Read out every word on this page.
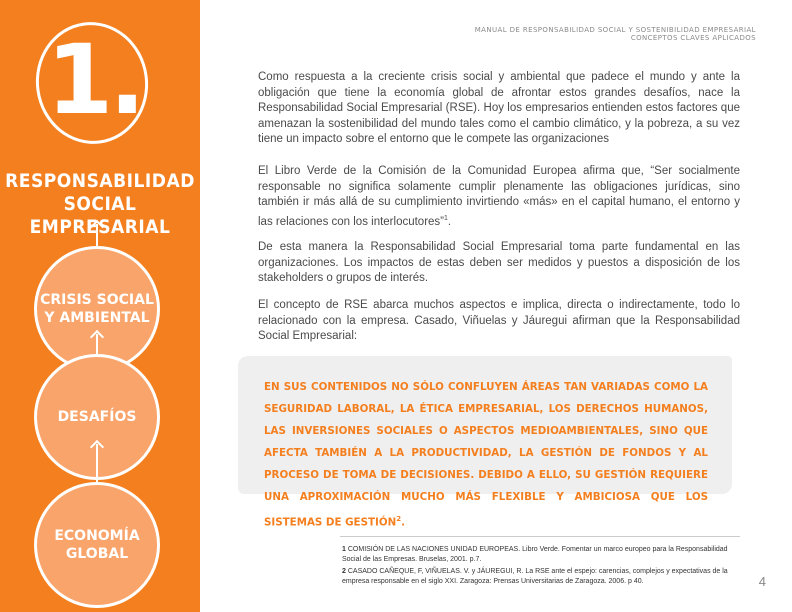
1.
RESPONSABILIDAD
SOCIAL EMPRESARIAL
CRISIS SOCIAL
Y AMBIENTAL
DESAFÍOS
ECONOMÍA
GLOBAL
MANUAL DE RESPONSABILIDAD SOCIAL Y SOSTENIBILIDAD EMPRESARIAL
CONCEPTOS CLAVES APLICADOS

Como respuesta a la creciente crisis social y ambiental que padece el mundo y ante la obligación que tiene la economía global de afrontar estos grandes desafíos, nace la Responsabilidad Social Empresarial (RSE). Hoy los empresarios entienden estos factores que amenazan la sostenibilidad del mundo tales como el cambio climático, y la pobreza, a su vez tiene un impacto sobre el entorno que le compete las organizaciones

El Libro Verde de la Comisión de la Comunidad Europea afirma que, “Ser socialmente responsable no significa solamente cumplir plenamente las obligaciones jurídicas, sino también ir más allá de su cumplimiento invirtiendo «más» en el capital humano, el entorno y las relaciones con los interlocutores”$^1$.

De esta manera la Responsabilidad Social Empresarial toma parte fundamental en las organizaciones. Los impactos de estas deben ser medidos y puestos a disposición de los stakeholders o grupos de interés.

El concepto de RSE abarca muchos aspectos e implica, directa o indirectamente, todo lo relacionado con la empresa. Casado, Viñuelas y Jáuregui afirman que la Responsabilidad Social Empresarial:

EN SUS CONTENIDOS NO SÓLO CONFLUYEN ÁREAS TAN VARIADAS COMO LA SEGURIDAD LABORAL, LA ÉTICA EMPRESARIAL, LOS DERECHOS HUMANOS, LAS INVERSIONES SOCIALES O ASPECTOS MEDIOAMBIENTALES, SINO QUE AFECTA TAMBIÉN A LA PRODUCTIVIDAD, LA GESTIÓN DE FONDOS Y AL PROCESO DE TOMA DE DECISIONES. DEBIDO A ELLO, SU GESTIÓN REQUIERE UNA APROXIMACIÓN MUCHO MÁS FLEXIBLE Y AMBICIOSA QUE LOS SISTEMAS DE GESTIÓN$^2$.

1 COMISIÓN DE LAS NACIONES UNIDAD EUROPEAS. Libro Verde. Fomentar un marco europeo para la Responsabilidad Social de las Empresas. Bruselas, 2001. p.7.
2 CASADO CAÑEQUE, F, VIÑUELAS. V. y JÁUREGUI, R. La RSE ante el espejo: carencias, complejos y expectativas de la empresa responsable en el siglo XXI. Zaragoza: Prensas Universitarias de Zaragoza. 2006. p 40.	4
